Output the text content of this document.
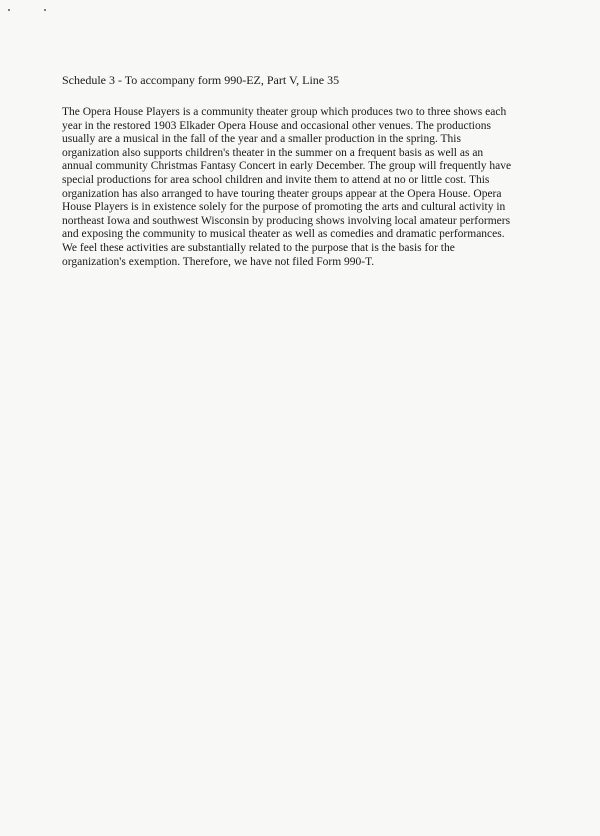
Schedule 3 - To accompany form 990-EZ, Part V, Line 35
The Opera House Players is a community theater group which produces two to three shows each
year in the restored 1903 Elkader Opera House and occasional other venues. The productions
usually are a musical in the fall of the year and a smaller production in the spring. This
organization also supports children's theater in the summer on a frequent basis as well as an
annual community Christmas Fantasy Concert in early December. The group will frequently have
special productions for area school children and invite them to attend at no or little cost. This
organization has also arranged to have touring theater groups appear at the Opera House. Opera
House Players is in existence solely for the purpose of promoting the arts and cultural activity in
northeast Iowa and southwest Wisconsin by producing shows involving local amateur performers
and exposing the community to musical theater as well as comedies and dramatic performances.
We feel these activities are substantially related to the purpose that is the basis for the
organization's exemption. Therefore, we have not filed Form 990-T.
